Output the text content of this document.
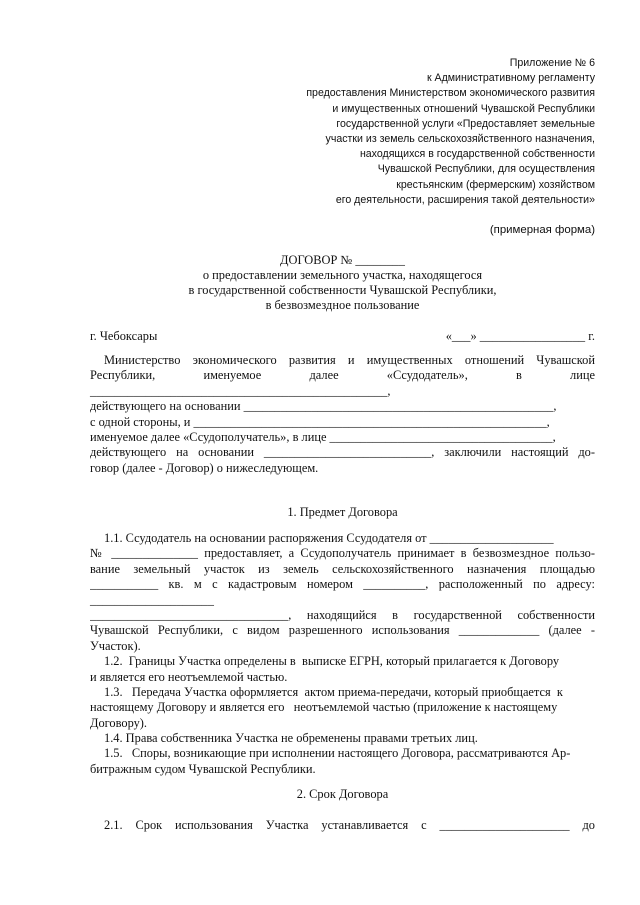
Приложение № 6
к Административному регламенту
предоставления Министерством экономического развития
и имущественных отношений Чувашской Республики
государственной услуги «Предоставляет земельные
участки из земель сельскохозяйственного назначения,
находящихся в государственной собственности
Чувашской Республики, для осуществления
крестьянским (фермерским) хозяйством
его деятельности, расширения такой деятельности»
(примерная форма)
ДОГОВОР № ________
о предоставлении земельного участка, находящегося
в государственной собственности Чувашской Республики,
в безвозмездное пользование
г. Чебоксары	«___» _________________ г.
Министерство экономического развития и имущественных отношений Чувашской
Республики, именуемое далее «Ссудодатель», в лице
________________________________________________,
действующего на основании __________________________________________________,
с одной стороны, и _________________________________________________________,
именуемое далее «Ссудополучатель», в лице ____________________________________,
действующего на основании ___________________________, заключили настоящий до-
говор (далее - Договор) о нижеследующем.
1. Предмет Договора
1.1. Ссудодатель на основании распоряжения Ссудодателя от ____________________
№ ______________ предоставляет, а Ссудополучатель принимает в безвозмездное пользо-
вание земельный участок из земель сельскохозяйственного назначения площадью
___________ кв. м с кадастровым номером __________, расположенный по адресу:
____________________
________________________________, находящийся в государственной собственности
Чувашской Республики, с видом разрешенного использования _____________ (далее -
Участок).
1.2.  Границы Участка определены в  выписке ЕГРН, который прилагается к Договору
и является его неотъемлемой частью.
1.3.   Передача Участка оформляется  актом приема-передачи, который приобщается  к
настоящему Договору и является его   неотъемлемой частью (приложение к настоящему
Договору).
1.4. Права собственника Участка не обременены правами третьих лиц.
1.5.   Споры, возникающие при исполнении настоящего Договора, рассматриваются Ар-
битражным судом Чувашской Республики.
2. Срок Договора
2.1. Срок использования Участка устанавливается с _____________________ до
